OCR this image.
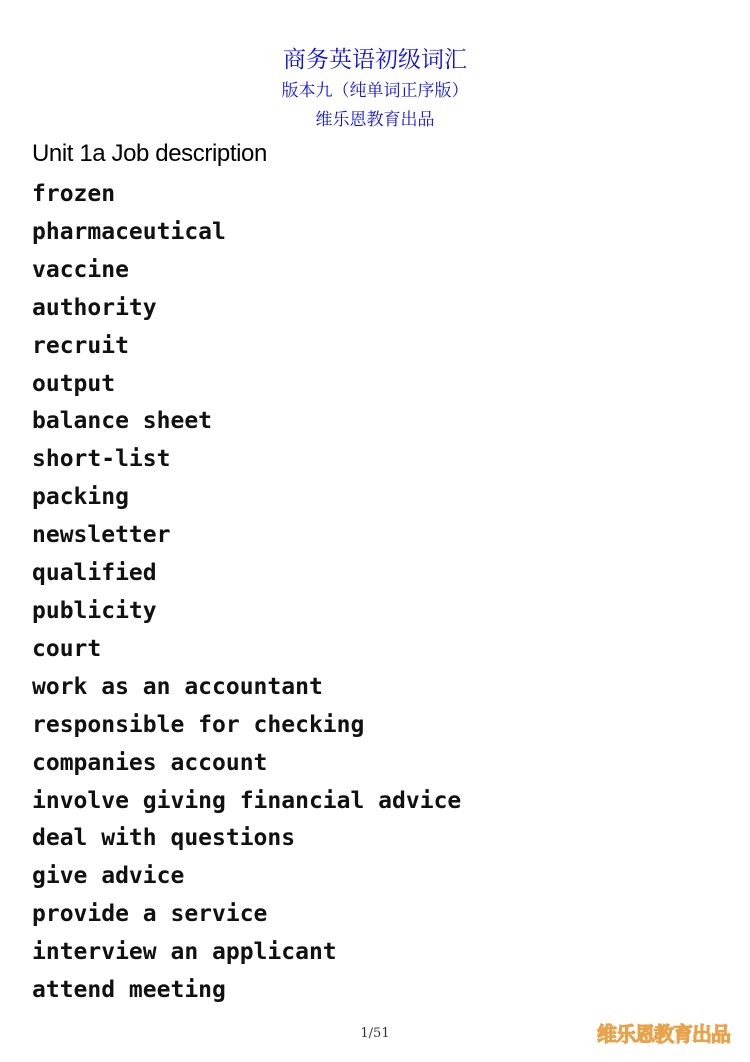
商务英语初级词汇
版本九（纯单词正序版）
维乐恩教育出品
Unit 1a Job description
frozen
pharmaceutical
vaccine
authority
recruit
output
balance sheet
short-list
packing
newsletter
qualified
publicity
court
work as an accountant
responsible for checking
companies account
involve giving financial advice
deal with questions
give advice
provide a service
interview an applicant
attend meeting
1/51	维乐恩教育出品
